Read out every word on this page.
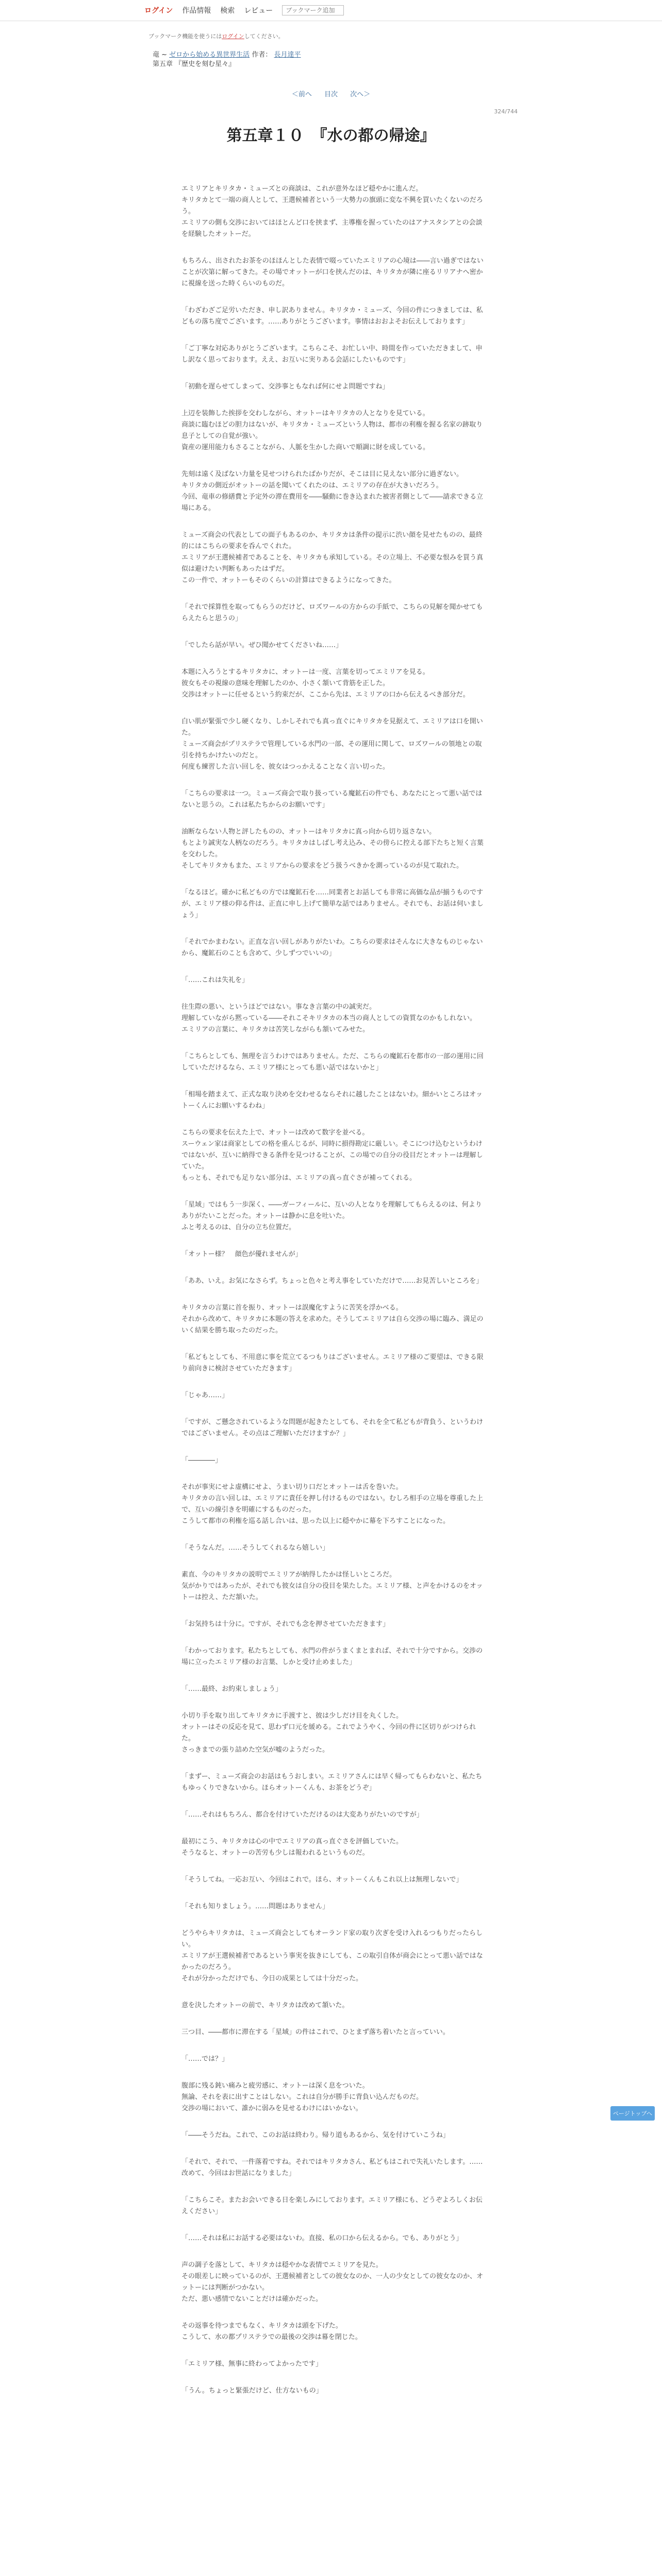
ログイン 作品情報 検索 レビュー
ブックマーク追加
ブックマーク機能を使うにはログインしてください。
竜 ~ ゼロから始める異世界生活 作者： 長月達平
第五章 『歴史を刻む星々』
＜前へ 目次 次へ＞
324/744
第五章１０　『水の都の帰途』

エミリアとキリタカ・ミューズとの商談は、これが意外なほど穏やかに進んだ。
キリタカとて一端の商人として、王選候補者という一大勢力の旗頭に変な不興を買いたくないのだろう。
エミリアの側も交渉においてはほとんど口を挟まず、主導権を握っていたのはアナスタシアとの会談を経験したオットーだ。

もちろん、出されたお茶をのほほんとした表情で啜っていたエミリアの心境は――言い過ぎではないことが次第に解ってきた。その場でオットーが口を挟んだのは、キリタカが隣に座るリリアナへ密かに視線を送った時くらいのものだ。

「わざわざご足労いただき、申し訳ありません。キリタカ・ミューズ、今回の件につきましては、私どもの落ち度でございます。……ありがとうございます。事情はおおよそお伝えしております」

「ご丁寧な対応ありがとうございます。こちらこそ、お忙しい中、時間を作っていただきまして、申し訳なく思っております。ええ、お互いに実りある会話にしたいものです」

「初動を遅らせてしまって、交渉事ともなれば何にせよ問題ですね」

上辺を装飾した挨拶を交わしながら、オットーはキリタカの人となりを見ている。
商談に臨むほどの胆力はないが、キリタカ・ミューズという人物は、都市の利権を握る名家の跡取り息子としての自覚が強い。
資産の運用能力もさることながら、人脈を生かした商いで順調に財を成している。

先刻は遠く及ばない力量を見せつけられたばかりだが、そこは目に見えない部分に過ぎない。
キリタカの側近がオットーの話を聞いてくれたのは、エミリアの存在が大きいだろう。
今回、竜車の修繕費と予定外の滞在費用を――騒動に巻き込まれた被害者側として――請求できる立場にある。

ミューズ商会の代表としての面子もあるのか、キリタカは条件の提示に渋い顔を見せたものの、最終的にはこちらの要求を呑んでくれた。
エミリアが王選候補者であることを、キリタカも承知している。その立場上、不必要な恨みを買う真似は避けたい判断もあったはずだ。
この一件で、オットーもそのくらいの計算はできるようになってきた。

「それで採算性を取ってもらうのだけど、ロズワールの方からの手紙で、こちらの見解を聞かせてもらえたらと思うの」

「でしたら話が早い。ぜひ聞かせてくださいね……」

本題に入ろうとするキリタカに、オットーは一度、言葉を切ってエミリアを見る。
彼女もその視線の意味を理解したのか、小さく頷いて背筋を正した。
交渉はオットーに任せるという約束だが、ここから先は、エミリアの口から伝えるべき部分だ。

白い肌が緊張で少し硬くなり、しかしそれでも真っ直ぐにキリタカを見据えて、エミリアは口を開いた。
ミューズ商会がプリステラで管理している水門の一部、その運用に関して、ロズワールの領地との取引を持ちかけたいのだと。
何度も練習した言い回しを、彼女はつっかえることなく言い切った。

「こちらの要求は一つ。ミューズ商会で取り扱っている魔鉱石の件でも、あなたにとって悪い話ではないと思うの。これは私たちからのお願いです」

油断ならない人物と評したものの、オットーはキリタカに真っ向から切り返さない。
もとより誠実な人柄なのだろう。キリタカはしばし考え込み、その傍らに控える部下たちと短く言葉を交わした。
そしてキリタカもまた、エミリアからの要求をどう扱うべきかを測っているのが見て取れた。

「なるほど。確かに私どもの方では魔鉱石を……同業者とお話しても非常に高価な品が揃うものですが、エミリア様の仰る件は、正直に申し上げて簡単な話ではありません。それでも、お話は伺いましょう」

「それでかまわない。正直な言い回しがありがたいわ。こちらの要求はそんなに大きなものじゃないから、魔鉱石のことも含めて、少しずつでいいの」

「……これは失礼を」

往生際の悪い、というほどではない。事なき言葉の中の誠実だ。
理解していながら黙っている――それこそキリタカの本当の商人としての資質なのかもしれない。
エミリアの言葉に、キリタカは苦笑しながらも頷いてみせた。

「こちらとしても、無理を言うわけではありません。ただ、こちらの魔鉱石を都市の一部の運用に回していただけるなら、エミリア様にとっても悪い話ではないかと」

「相場を踏まえて、正式な取り決めを交わせるならそれに越したことはないわ。細かいところはオットーくんにお願いするわね」

こちらの要求を伝えた上で、オットーは改めて数字を並べる。
スーウェン家は商家としての格を重んじるが、同時に損得勘定に厳しい。そこにつけ込むというわけではないが、互いに納得できる条件を見つけることが、この場での自分の役目だとオットーは理解していた。
もっとも、それでも足りない部分は、エミリアの真っ直ぐさが補ってくれる。

「星域」ではもう一歩深く、――ガーフィールに、互いの人となりを理解してもらえるのは、何よりありがたいことだった。オットーは静かに息を吐いた。
ふと考えるのは、自分の立ち位置だ。

「オットー様？　顔色が優れませんが」

「ああ、いえ。お気になさらず。ちょっと色々と考え事をしていただけで……お見苦しいところを」

キリタカの言葉に首を振り、オットーは誤魔化すように苦笑を浮かべる。
それから改めて、キリタカに本題の答えを求めた。そうしてエミリアは自ら交渉の場に臨み、満足のいく結果を勝ち取ったのだった。

「私どもとしても、不用意に事を荒立てるつもりはございません。エミリア様のご要望は、できる限り前向きに検討させていただきます」

「じゃあ……」

「ですが、ご懸念されているような問題が起きたとしても、それを全て私どもが背負う、というわけではございません。その点はご理解いただけますか？」

「――――」

それが事実にせよ虚構にせよ、うまい切り口だとオットーは舌を巻いた。
キリタカの言い回しは、エミリアに責任を押し付けるものではない。むしろ相手の立場を尊重した上で、互いの線引きを明確にするものだった。
こうして都市の利権を巡る話し合いは、思った以上に穏やかに幕を下ろすことになった。

「そうなんだ。……そうしてくれるなら嬉しい」

素直、今のキリタカの説明でエミリアが納得したかは怪しいところだ。
気がかりではあったが、それでも彼女は自分の役目を果たした。エミリア様、と声をかけるのをオットーは控え、ただ頷いた。

「お気持ちは十分に。ですが、それでも念を押させていただきます」

「わかっております。私たちとしても、水門の件がうまくまとまれば、それで十分ですから。交渉の場に立ったエミリア様のお言葉、しかと受け止めました」

「……最終、お約束しましょう」

小切り手を取り出してキリタカに手渡すと、彼は少しだけ目を丸くした。
オットーはその反応を見て、思わず口元を緩める。これでようやく、今回の件に区切りがつけられた。
さっきまでの張り詰めた空気が嘘のようだった。

「まずー、ミューズ商会のお話はもうおしまい。エミリアさんには早く帰ってもらわないと、私たちもゆっくりできないから。ほらオットーくんも、お茶をどうぞ」

「……それはもちろん、都合を付けていただけるのは大変ありがたいのですが」

最初にこう、キリタカは心の中でエミリアの真っ直ぐさを評価していた。
そうなると、オットーの苦労も少しは報われるというものだ。

「そうしてね。一応お互い、今回はこれで。ほら、オットーくんもこれ以上は無理しないで」

「それも知りましょう。……問題はありません」

どうやらキリタカは、ミューズ商会としてもオーランド家の取り次ぎを受け入れるつもりだったらしい。
エミリアが王選候補者であるという事実を抜きにしても、この取引自体が商会にとって悪い話ではなかったのだろう。
それが分かっただけでも、今日の成果としては十分だった。

意を決したオットーの前で、キリタカは改めて頷いた。

三つ目、――都市に滞在する「星域」の件はこれで、ひとまず落ち着いたと言っていい。

「……では？」

腹部に残る鈍い痛みと疲労感に、オットーは深く息をついた。
無論、それを表に出すことはしない。これは自分が勝手に背負い込んだものだ。
交渉の場において、誰かに弱みを見せるわけにはいかない。

「――そうだね。これで、このお話は終わり。帰り道もあるから、気を付けていこうね」

「それで、それで、一件落着ですね。それではキリタカさん、私どもはこれで失礼いたします。……改めて、今回はお世話になりました」

「こちらこそ。またお会いできる日を楽しみにしております。エミリア様にも、どうぞよろしくお伝えください」

「……それは私にお話する必要はないわ。直接、私の口から伝えるから。でも、ありがとう」

声の調子を落として、キリタカは穏やかな表情でエミリアを見た。
その眼差しに映っているのが、王選候補者としての彼女なのか、一人の少女としての彼女なのか、オットーには判断がつかない。
ただ、悪い感情でないことだけは確かだった。

その返事を待つまでもなく、キリタカは頭を下げた。
こうして、水の都プリステラでの最後の交渉は幕を閉じた。

「エミリア様、無事に終わってよかったです」

「うん。ちょっと緊張だけど、仕方ないもの」

ページトップへ
